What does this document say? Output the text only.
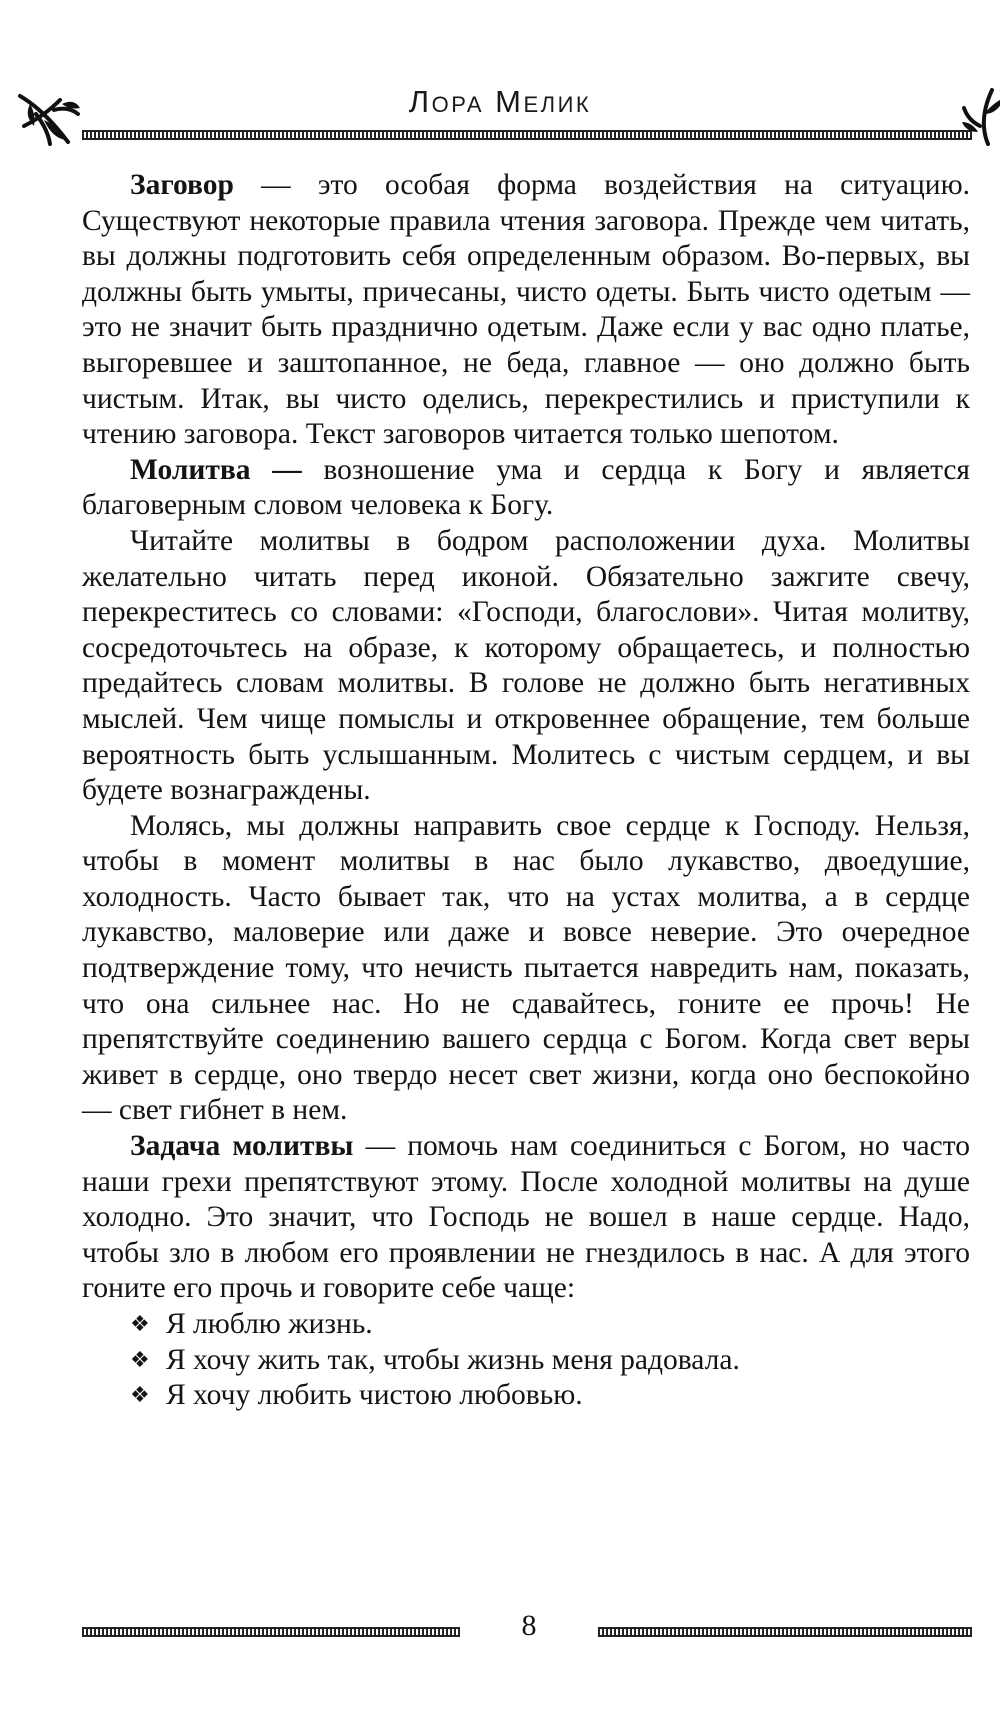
Лора Мелик

Заговор — это особая форма воздействия на ситуацию. Существуют некоторые правила чтения заговора. Прежде чем читать, вы должны подготовить себя определенным образом. Во-первых, вы должны быть умыты, причесаны, чисто одеты. Быть чисто одетым — это не значит быть празднично одетым. Даже если у вас одно платье, выгоревшее и заштопанное, не беда, главное — оно должно быть чистым. Итак, вы чисто оделись, перекрестились и приступили к чтению заговора. Текст заговоров читается только шепотом.

Молитва — возношение ума и сердца к Богу и является благоверным словом человека к Богу.

Читайте молитвы в бодром расположении духа. Молитвы желательно читать перед иконой. Обязательно зажгите свечу, перекреститесь со словами: «Господи, благослови». Читая молитву, сосредоточьтесь на образе, к которому обращаетесь, и полностью предайтесь словам молитвы. В голове не должно быть негативных мыслей. Чем чище помыслы и откровеннее обращение, тем больше вероятность быть услышанным. Молитесь с чистым сердцем, и вы будете вознаграждены.

Молясь, мы должны направить свое сердце к Господу. Нельзя, чтобы в момент молитвы в нас было лукавство, двоедушие, холодность. Часто бывает так, что на устах молитва, а в сердце лукавство, маловерие или даже и вовсе неверие. Это очередное подтверждение тому, что нечисть пытается навредить нам, показать, что она сильнее нас. Но не сдавайтесь, гоните ее прочь! Не препятствуйте соединению вашего сердца с Богом. Когда свет веры живет в сердце, оно твердо несет свет жизни, когда оно беспокойно — свет гибнет в нем.

Задача молитвы — помочь нам соединиться с Богом, но часто наши грехи препятствуют этому. После холодной молитвы на душе холодно. Это значит, что Господь не вошел в наше сердце. Надо, чтобы зло в любом его проявлении не гнездилось в нас. А для этого гоните его прочь и говорите себе чаще:

❖ Я люблю жизнь.
❖ Я хочу жить так, чтобы жизнь меня радовала.
❖ Я хочу любить чистою любовью.
8
